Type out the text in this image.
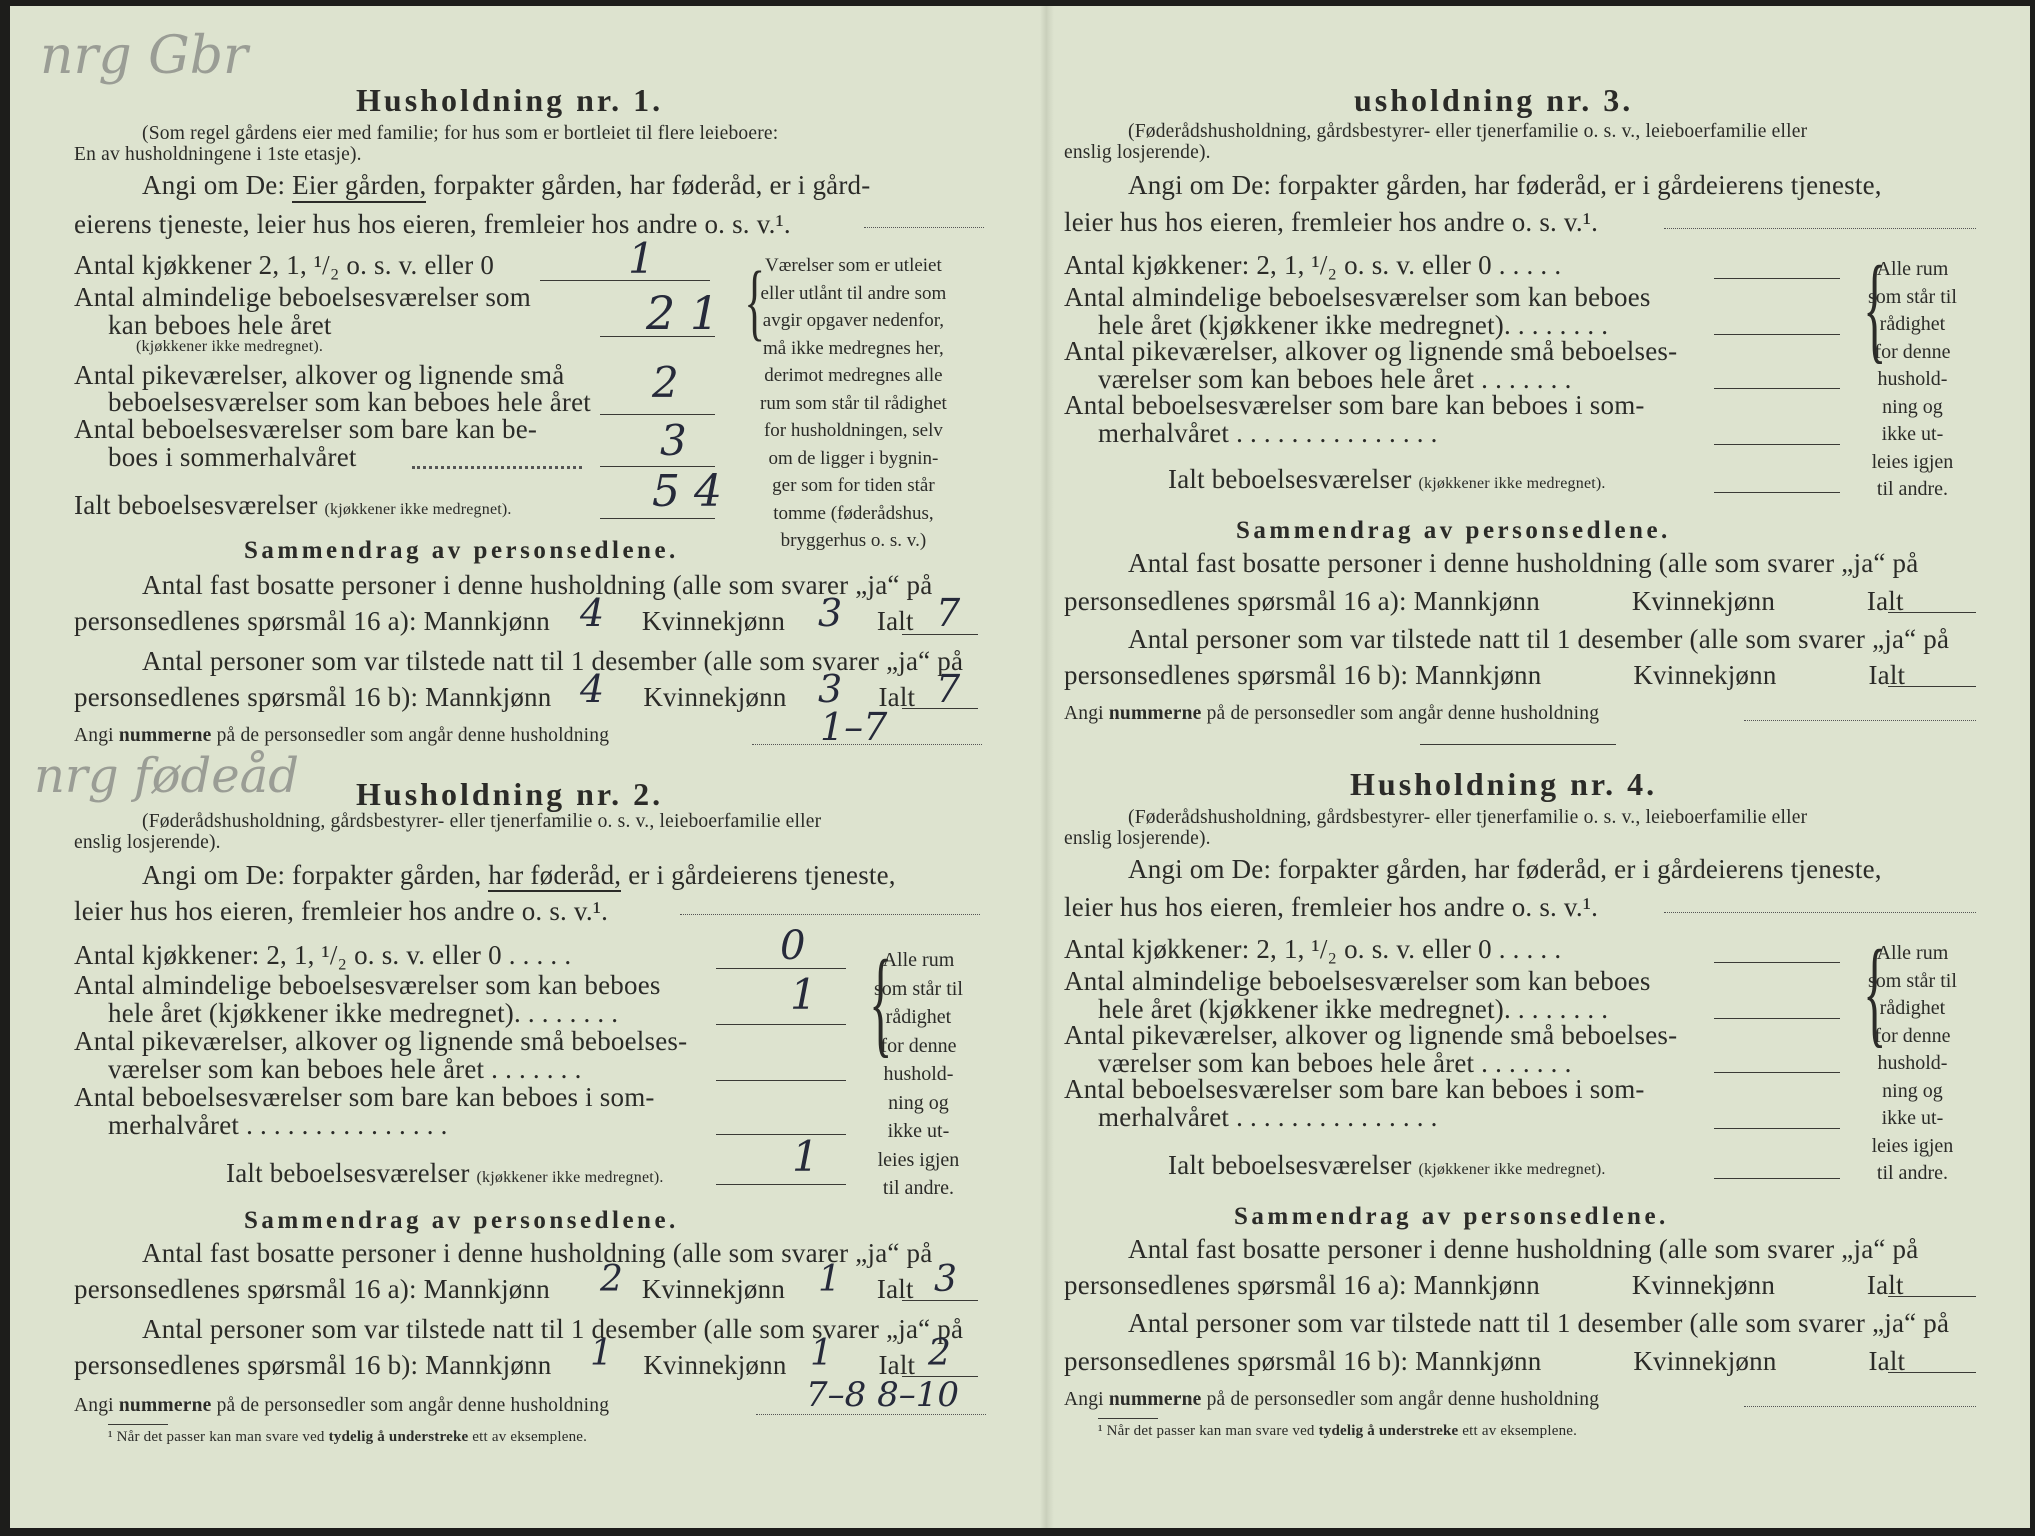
nrg Gbr
Husholdning nr. 1.
(Som regel gårdens eier med familie; for hus som er bortleiet til flere leieboere:
En av husholdningene i 1ste etasje).
Angi om De: Eier gården, forpakter gården, har føderåd, er i gård-
eierens tjeneste, leier hus hos eieren, fremleier hos andre o. s. v.¹.
Antal kjøkkener 2, 1, ¹/₂ o. s. v. eller 0	1
Antal almindelige beboelsesværelser som
kan beboes hele året
(kjøkkener ikke medregnet).
2 1
Antal pikeværelser, alkover og lignende små
beboelsesværelser som kan beboes hele året 2
Antal beboelsesværelser som bare kan be-
boes i sommerhalvåret	3
Ialt beboelsesværelser (kjøkkener ikke medregnet).	5 4
{ Værelser som er utleiet
eller utlånt til andre som
avgir opgaver nedenfor,
må ikke medregnes her,
derimot medregnes alle
rum som står til rådighet
for husholdningen, selv
om de ligger i bygnin-
ger som for tiden står
tomme (føderådshus,
bryggerhus o. s. v.)
Sammendrag av personsedlene.
Antal fast bosatte personer i denne husholdning (alle som svarer „ja“ på
personsedlenes spørsmål 16 a): Mannkjønn	Kvinnekjønn	Ialt
4	3 7
Antal personer som var tilstede natt til 1 desember (alle som svarer „ja“ på
personsedlenes spørsmål 16 b): Mannkjønn	Kvinnekjønn	Ialt
4	3 7
Angi nummerne på de personsedler som angår denne husholdning	1–7
nrg fødeåd Husholdning nr. 2.
(Føderådshusholdning, gårdsbestyrer- eller tjenerfamilie o. s. v., leieboerfamilie eller
enslig losjerende).
Angi om De: forpakter gården, har føderåd, er i gårdeierens tjeneste,
leier hus hos eieren, fremleier hos andre o. s. v.¹.
Antal kjøkkener: 2, 1, ¹/₂ o. s. v. eller 0 . . . . .	0
Antal almindelige beboelsesværelser som kan beboes
hele året (kjøkkener ikke medregnet). . . . . . . .	1
Antal pikeværelser, alkover og lignende små beboelses-
værelser som kan beboes hele året . . . . . . .
Antal beboelsesværelser som bare kan beboes i som-
merhalvåret . . . . . . . . . . . . . . .
Ialt beboelsesværelser (kjøkkener ikke medregnet).	1
{
Alle rum
som står til
rådighet
for denne
hushold-
ning og
ikke ut-
leies igjen
til andre.
Sammendrag av personsedlene.
Antal fast bosatte personer i denne husholdning (alle som svarer „ja“ på
personsedlenes spørsmål 16 a): Mannkjønn	Kvinnekjønn	Ialt
2	1	3
Antal personer som var tilstede natt til 1 desember (alle som svarer „ja“ på
personsedlenes spørsmål 16 b): Mannkjønn	Kvinnekjønn	Ialt
1	1	2
Angi nummerne på de personsedler som angår denne husholdning	7–8 8–10
¹ Når det passer kan man svare ved tydelig å understreke ett av eksemplene.
usholdning nr. 3.
(Føderådshusholdning, gårdsbestyrer- eller tjenerfamilie o. s. v., leieboerfamilie eller
enslig losjerende).
Angi om De: forpakter gården, har føderåd, er i gårdeierens tjeneste,
leier hus hos eieren, fremleier hos andre o. s. v.¹.
Antal kjøkkener: 2, 1, ¹/₂ o. s. v. eller 0 . . . . .
Antal almindelige beboelsesværelser som kan beboes
hele året (kjøkkener ikke medregnet). . . . . . . .
Antal pikeværelser, alkover og lignende små beboelses-
værelser som kan beboes hele året . . . . . . .
Antal beboelsesværelser som bare kan beboes i som-
merhalvåret . . . . . . . . . . . . . . .
Ialt beboelsesværelser (kjøkkener ikke medregnet).
{
Alle rum
som står til
rådighet
for denne
hushold-
ning og
ikke ut-
leies igjen
til andre.
Sammendrag av personsedlene.
Antal fast bosatte personer i denne husholdning (alle som svarer „ja“ på
personsedlenes spørsmål 16 a): Mannkjønn	Kvinnekjønn	Ialt
Antal personer som var tilstede natt til 1 desember (alle som svarer „ja“ på
personsedlenes spørsmål 16 b): Mannkjønn	Kvinnekjønn	Ialt
Angi nummerne på de personsedler som angår denne husholdning
Husholdning nr. 4.
(Føderådshusholdning, gårdsbestyrer- eller tjenerfamilie o. s. v., leieboerfamilie eller
enslig losjerende).
Angi om De: forpakter gården, har føderåd, er i gårdeierens tjeneste,
leier hus hos eieren, fremleier hos andre o. s. v.¹.
Antal kjøkkener: 2, 1, ¹/₂ o. s. v. eller 0 . . . . .
Antal almindelige beboelsesværelser som kan beboes
hele året (kjøkkener ikke medregnet). . . . . . . .
Antal pikeværelser, alkover og lignende små beboelses-
værelser som kan beboes hele året . . . . . . .
Antal beboelsesværelser som bare kan beboes i som-
merhalvåret . . . . . . . . . . . . . . .
Ialt beboelsesværelser (kjøkkener ikke medregnet).
{
Alle rum
som står til
rådighet
for denne
hushold-
ning og
ikke ut-
leies igjen
til andre.
Sammendrag av personsedlene.
Antal fast bosatte personer i denne husholdning (alle som svarer „ja“ på
personsedlenes spørsmål 16 a): Mannkjønn	Kvinnekjønn	Ialt
Antal personer som var tilstede natt til 1 desember (alle som svarer „ja“ på
personsedlenes spørsmål 16 b): Mannkjønn	Kvinnekjønn	Ialt
Angi nummerne på de personsedler som angår denne husholdning
¹ Når det passer kan man svare ved tydelig å understreke ett av eksemplene.
